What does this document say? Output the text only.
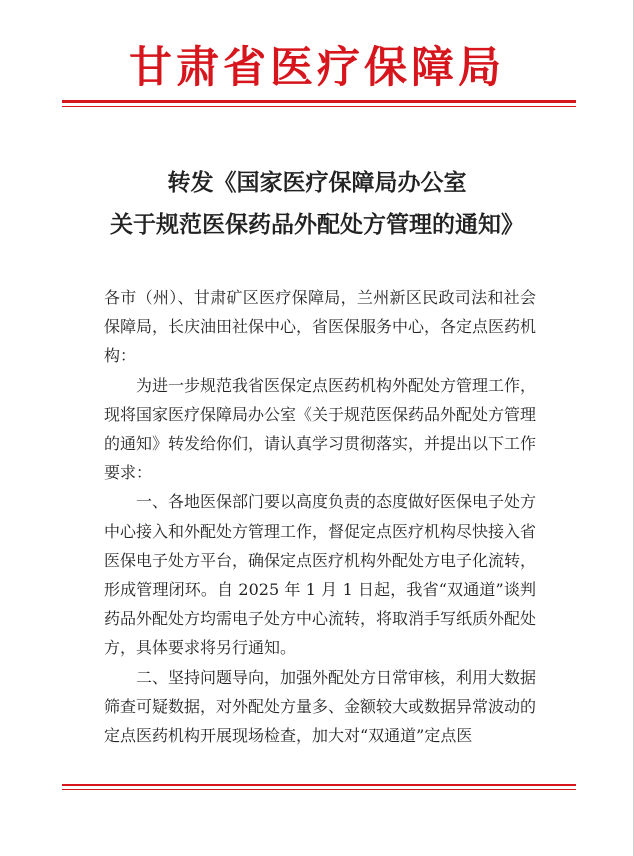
甘肃省医疗保障局
转发《国家医疗保障局办公室
关于规范医保药品外配处方管理的通知》

各市（州）、甘肃矿区医疗保障局，兰州新区民政司法和社会保障局，长庆油田社保中心，省医保服务中心，各定点医药机构：

为进一步规范我省医保定点医药机构外配处方管理工作，现将国家医疗保障局办公室《关于规范医保药品外配处方管理的通知》转发给你们，请认真学习贯彻落实，并提出以下工作要求：

一、各地医保部门要以高度负责的态度做好医保电子处方中心接入和外配处方管理工作，督促定点医疗机构尽快接入省医保电子处方平台，确保定点医疗机构外配处方电子化流转，形成管理闭环。自 2025 年 1 月 1 日起，我省“双通道”谈判药品外配处方均需电子处方中心流转，将取消手写纸质外配处方，具体要求将另行通知。

二、坚持问题导向，加强外配处方日常审核，利用大数据筛查可疑数据，对外配处方量多、金额较大或数据异常波动的定点医药机构开展现场检查，加大对“双通道”定点医
